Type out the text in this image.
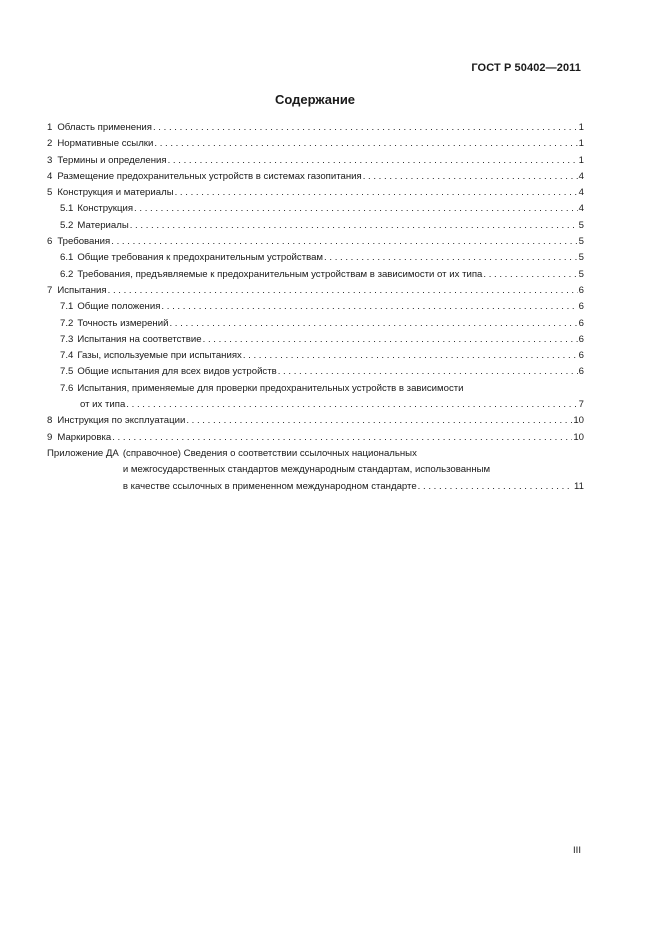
ГОСТ Р 50402—2011
Содержание
1 Область применения . . .	1
2 Нормативные ссылки . . .	1
3 Термины и определения . . .	1
4 Размещение предохранительных устройств в системах газопитания . . .	4
5 Конструкция и материалы . . .	4
5.1 Конструкция . . .	4
5.2 Материалы . . .	5
6 Требования . . .	5
6.1 Общие требования к предохранительным устройствам . . .	5
6.2 Требования, предъявляемые к предохранительным устройствам в зависимости от их типа . . .	5
7 Испытания . . .	6
7.1 Общие положения . . .	6
7.2 Точность измерений . . .	6
7.3 Испытания на соответствие . . .	6
7.4 Газы, используемые при испытаниях . . .	6
7.5 Общие испытания для всех видов устройств . . .	6
7.6 Испытания, применяемые для проверки предохранительных устройств в зависимости
от их типа . . .	7
8 Инструкция по эксплуатации . . .	10
9 Маркировка . . .	10
Приложение ДА (справочное) Сведения о соответствии ссылочных национальных
и межгосударственных стандартов международным стандартам, использованным
в качестве ссылочных в примененном международном стандарте . . .	11
III
